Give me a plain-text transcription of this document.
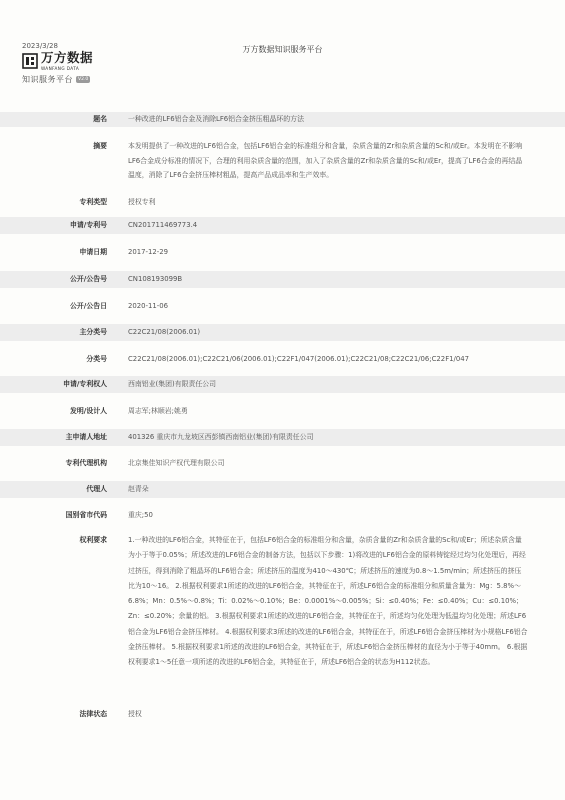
2023/3/28
万方数据
WANFANG DATA
知识服务平台	V2.0
万方数据知识服务平台
题名	一种改进的LF6铝合金及消除LF6铝合金挤压粗晶环的方法
摘要	本发明提供了一种改进的LF6铝合金，包括LF6铝合金的标准组分和含量，杂质含量的Zr和杂质含量的Sc和/或Er。本发明在不影响LF6合金成分标准的情况下，合理的利用杂质含量的范围，加入了杂质含量的Zr和杂质含量的Sc和/或Er，提高了LF6合金的再结晶温度，消除了LF6合金挤压棒材粗晶，提高产品成品率和生产效率。
专利类型	授权专利
申请/专利号	CN201711469773.4
申请日期	2017-12-29
公开/公告号	CN108193099B
公开/公告日	2020-11-06
主分类号	C22C21/08(2006.01)
分类号	C22C21/08(2006.01);C22C21/06(2006.01);C22F1/047(2006.01);C22C21/08;C22C21/06;C22F1/047
申请/专利权人	西南铝业(集团)有限责任公司
发明/设计人	周志军;林顺岩;姚勇
主申请人地址	401326 重庆市九龙坡区西彭镇西南铝业(集团)有限责任公司
专利代理机构	北京集佳知识产权代理有限公司
代理人	赵青朵
国别省市代码	重庆;50
权利要求	1.一种改进的LF6铝合金，其特征在于，包括LF6铝合金的标准组分和含量，杂质含量的Zr和杂质含量的Sc和/或Er；所述杂质含量为小于等于0.05%；所述改进的LF6铝合金的制备方法，包括以下步骤：1)将改进的LF6铝合金的原料铸锭经过均匀化处理后，再经过挤压，得到消除了粗晶环的LF6铝合金；所述挤压的温度为410～430℃；所述挤压的速度为0.8～1.5m/min；所述挤压的挤压比为10～16。 2.根据权利要求1所述的改进的LF6铝合金，其特征在于，所述LF6铝合金的标准组分和质量含量为：Mg：5.8%～6.8%；Mn：0.5%～0.8%；Ti：0.02%～0.10%；Be：0.0001%～0.005%；Si：≤0.40%；Fe：≤0.40%；Cu：≤0.10%；Zn：≤0.20%；余量的铝。 3.根据权利要求1所述的改进的LF6铝合金，其特征在于，所述均匀化处理为低温均匀化处理；所述LF6铝合金为LF6铝合金挤压棒材。 4.根据权利要求3所述的改进的LF6铝合金，其特征在于，所述LF6铝合金挤压棒材为小规格LF6铝合金挤压棒材。 5.根据权利要求1所述的改进的LF6铝合金，其特征在于，所述LF6铝合金挤压棒材的直径为小于等于40mm。 6.根据权利要求1～5任意一项所述的改进的LF6铝合金，其特征在于，所述LF6铝合金的状态为H112状态。
法律状态	授权
